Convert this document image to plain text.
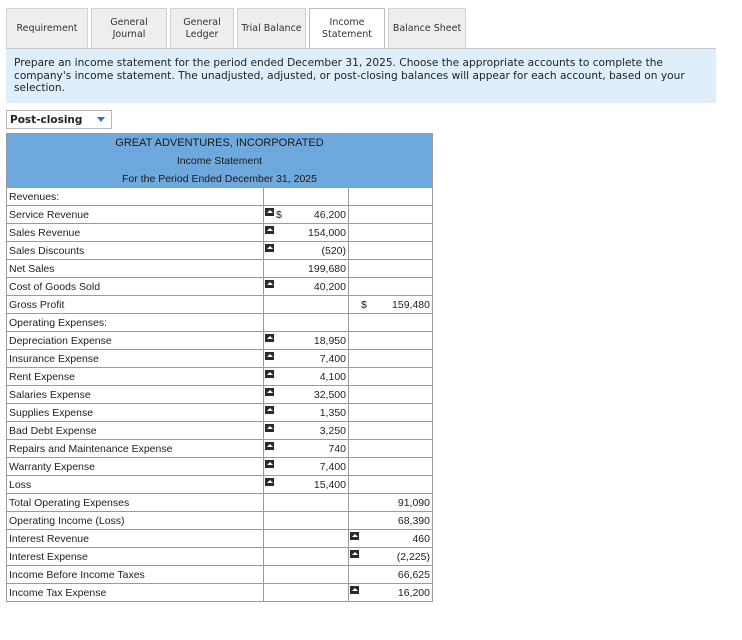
Requirement
General
Journal
General
Ledger
Trial Balance
Income
Statement
Balance Sheet
Prepare an income statement for the period ended December 31, 2025. Choose the appropriate accounts to complete the company's income statement. The unadjusted, adjusted, or post-closing balances will appear for each account, based on your selection.
Post-closing
GREAT ADVENTURES, INCORPORATED		
Income Statement		
For the Period Ended December 31, 2025		
Revenues:		
Service Revenue	$ 46,200	
Sales Revenue	154,000	
Sales Discounts	(520)	
Net Sales	199,680	
Cost of Goods Sold	40,200	
Gross Profit		$ 159,480
Operating Expenses:		
Depreciation Expense	18,950	
Insurance Expense	7,400	
Rent Expense	4,100	
Salaries Expense	32,500	
Supplies Expense	1,350	
Bad Debt Expense	3,250	
Repairs and Maintenance Expense	740	
Warranty Expense	7,400	
Loss	15,400	
Total Operating Expenses		91,090
Operating Income (Loss)		68,390
Interest Revenue		460
Interest Expense		(2,225)
Income Before Income Taxes		66,625
Income Tax Expense		16,200
